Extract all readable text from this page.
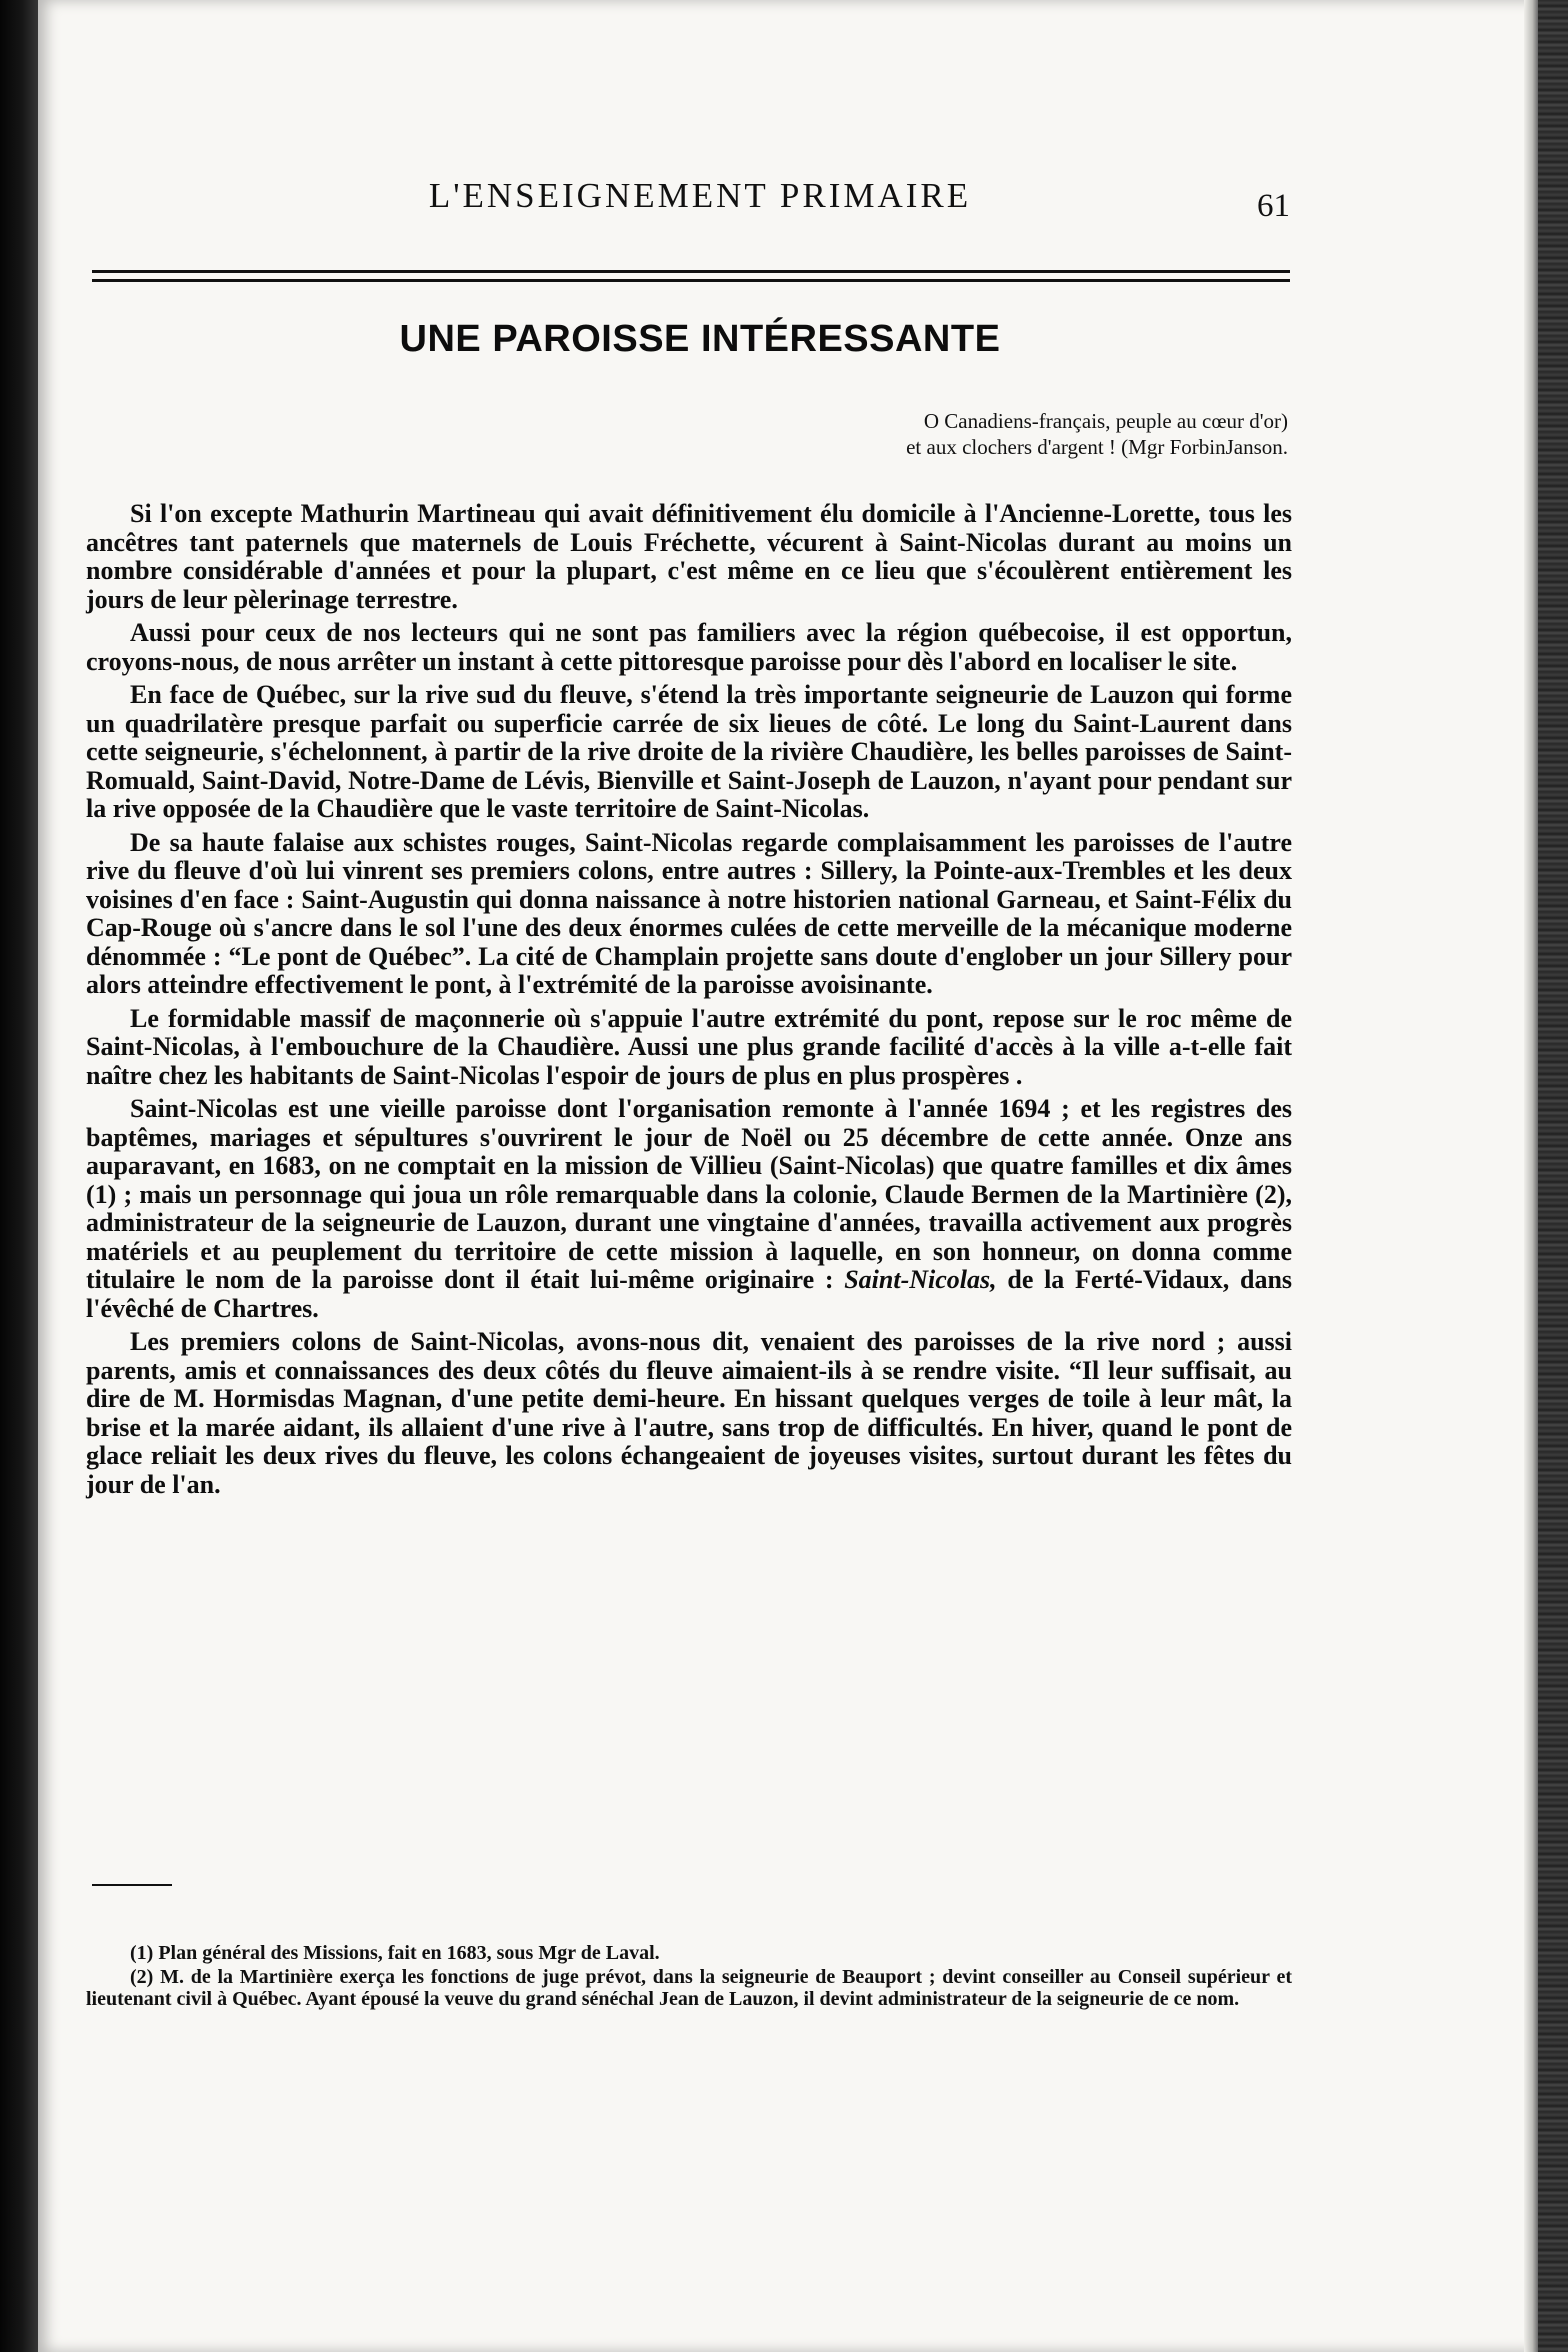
L'ENSEIGNEMENT PRIMAIRE	61
UNE PAROISSE INTÉRESSANTE
O Canadiens-français, peuple au cœur d'or)
et aux clochers d'argent ! (Mgr ForbinJanson.

Si l'on excepte Mathurin Martineau qui avait définitivement élu domicile à l'Ancienne-Lorette, tous les ancêtres tant paternels que maternels de Louis Fréchette, vécurent à Saint-Nicolas durant au moins un nombre considérable d'années et pour la plupart, c'est même en ce lieu que s'écoulèrent entièrement les jours de leur pèlerinage terrestre.

Aussi pour ceux de nos lecteurs qui ne sont pas familiers avec la région québecoise, il est opportun, croyons-nous, de nous arrêter un instant à cette pittoresque paroisse pour dès l'abord en localiser le site.

En face de Québec, sur la rive sud du fleuve, s'étend la très importante seigneurie de Lauzon qui forme un quadrilatère presque parfait ou superficie carrée de six lieues de côté. Le long du Saint-Laurent dans cette seigneurie, s'échelonnent, à partir de la rive droite de la rivière Chaudière, les belles paroisses de Saint-Romuald, Saint-David, Notre-Dame de Lévis, Bienville et Saint-Joseph de Lauzon, n'ayant pour pendant sur la rive opposée de la Chaudière que le vaste territoire de Saint-Nicolas.

De sa haute falaise aux schistes rouges, Saint-Nicolas regarde complaisamment les paroisses de l'autre rive du fleuve d'où lui vinrent ses premiers colons, entre autres : Sillery, la Pointe-aux-Trembles et les deux voisines d'en face : Saint-Augustin qui donna naissance à notre historien national Garneau, et Saint-Félix du Cap-Rouge où s'ancre dans le sol l'une des deux énormes culées de cette merveille de la mécanique moderne dénommée : “Le pont de Québec”. La cité de Champlain projette sans doute d'englober un jour Sillery pour alors atteindre effectivement le pont, à l'extrémité de la paroisse avoisinante.

Le formidable massif de maçonnerie où s'appuie l'autre extrémité du pont, repose sur le roc même de Saint-Nicolas, à l'embouchure de la Chaudière. Aussi une plus grande facilité d'accès à la ville a-t-elle fait naître chez les habitants de Saint-Nicolas l'espoir de jours de plus en plus prospères .

Saint-Nicolas est une vieille paroisse dont l'organisation remonte à l'année 1694 ; et les registres des baptêmes, mariages et sépultures s'ouvrirent le jour de Noël ou 25 décembre de cette année. Onze ans auparavant, en 1683, on ne comptait en la mission de Villieu (Saint-Nicolas) que quatre familles et dix âmes (1) ; mais un personnage qui joua un rôle remarquable dans la colonie, Claude Bermen de la Martinière (2), administrateur de la seigneurie de Lauzon, durant une vingtaine d'années, travailla activement aux progrès matériels et au peuplement du territoire de cette mission à laquelle, en son honneur, on donna comme titulaire le nom de la paroisse dont il était lui-même originaire : Saint-Nicolas, de la Ferté-Vidaux, dans l'évêché de Chartres.

Les premiers colons de Saint-Nicolas, avons-nous dit, venaient des paroisses de la rive nord ; aussi parents, amis et connaissances des deux côtés du fleuve aimaient-ils à se rendre visite. “Il leur suffisait, au dire de M. Hormisdas Magnan, d'une petite demi-heure. En hissant quelques verges de toile à leur mât, la brise et la marée aidant, ils allaient d'une rive à l'autre, sans trop de difficultés. En hiver, quand le pont de glace reliait les deux rives du fleuve, les colons échangeaient de joyeuses visites, surtout durant les fêtes du jour de l'an.

(1) Plan général des Missions, fait en 1683, sous Mgr de Laval.

(2) M. de la Martinière exerça les fonctions de juge prévot, dans la seigneurie de Beauport ; devint conseiller au Conseil supérieur et lieutenant civil à Québec. Ayant épousé la veuve du grand sénéchal Jean de Lauzon, il devint administrateur de la seigneurie de ce nom.
